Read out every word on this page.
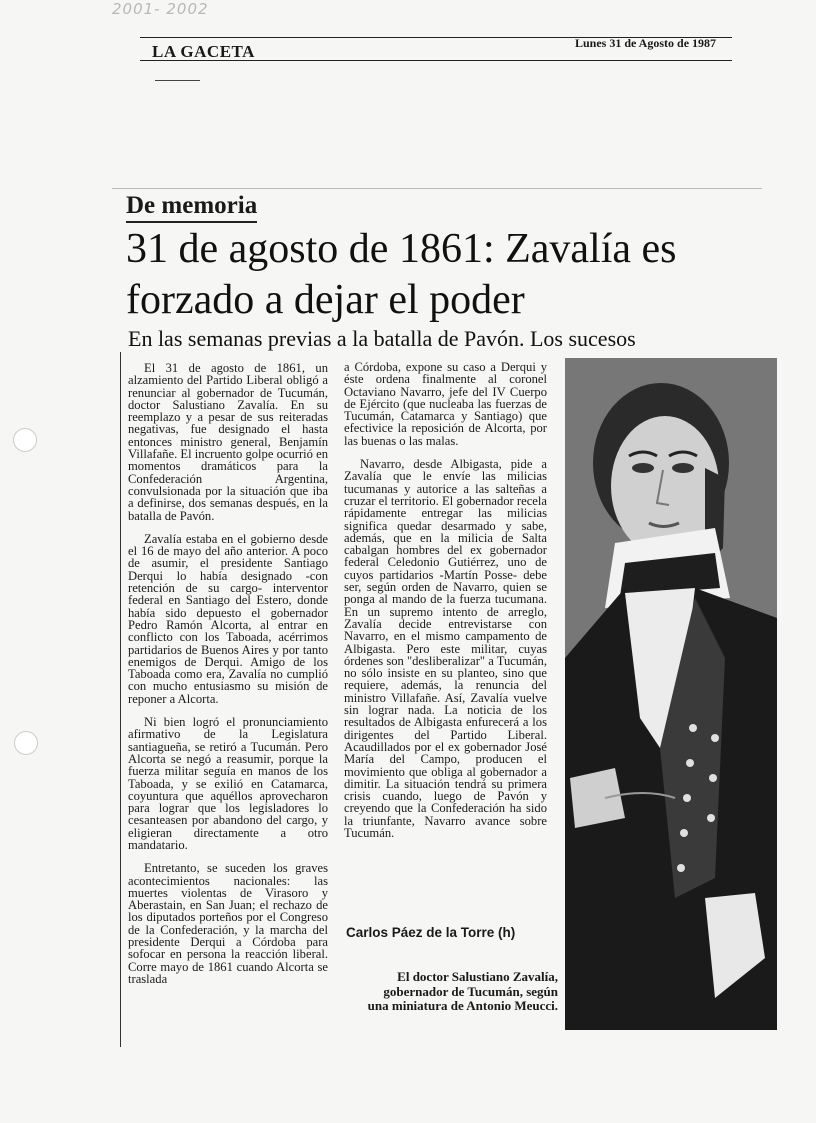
2001- 2002
LA GACETA	Lunes 31 de Agosto de 1987
De memoria
31 de agosto de 1861: Zavalía es forzado a dejar el poder
En las semanas previas a la batalla de Pavón. Los sucesos

El 31 de agosto de 1861, un alzamiento del Partido Liberal obligó a renunciar al gobernador de Tucumán, doctor Salustiano Zavalía. En su reemplazo y a pesar de sus reiteradas negativas, fue designado el hasta entonces ministro general, Benjamín Villafañe. El incruento golpe ocurrió en momentos dramáticos para la Confederación Argentina, convulsionada por la situación que iba a definirse, dos semanas después, en la batalla de Pavón.

Zavalía estaba en el gobierno desde el 16 de mayo del año anterior. A poco de asumir, el presidente Santiago Derqui lo había designado -con retención de su cargo- interventor federal en Santiago del Estero, donde había sido depuesto el gobernador Pedro Ramón Alcorta, al entrar en conflicto con los Taboada, acérrimos partidarios de Buenos Aires y por tanto enemigos de Derqui. Amigo de los Taboada como era, Zavalía no cumplió con mucho entusiasmo su misión de reponer a Alcorta.

Ni bien logró el pronunciamiento afirmativo de la Legislatura santiagueña, se retiró a Tucumán. Pero Alcorta se negó a reasumir, porque la fuerza militar seguía en manos de los Taboada, y se exilió en Catamarca, coyuntura que aquéllos aprovecharon para lograr que los legisladores lo cesanteasen por abandono del cargo, y eligieran directamente a otro mandatario.

Entretanto, se suceden los graves acontecimientos nacionales: las muertes violentas de Virasoro y Aberastain, en San Juan; el rechazo de los diputados porteños por el Congreso de la Confederación, y la marcha del presidente Derqui a Córdoba para sofocar en persona la reacción liberal. Corre mayo de 1861 cuando Alcorta se traslada

a Córdoba, expone su caso a Derqui y éste ordena finalmente al coronel Octaviano Navarro, jefe del IV Cuerpo de Ejército (que nucleaba las fuerzas de Tucumán, Catamarca y Santiago) que efectivice la reposición de Alcorta, por las buenas o las malas.

Navarro, desde Albigasta, pide a Zavalía que le envíe las milicias tucumanas y autorice a las salteñas a cruzar el territorio. El gobernador recela rápidamente entregar las milicias significa quedar desarmado y sabe, además, que en la milicia de Salta cabalgan hombres del ex gobernador federal Celedonio Gutiérrez, uno de cuyos partidarios -Martín Posse- debe ser, según orden de Navarro, quien se ponga al mando de la fuerza tucumana. En un supremo intento de arreglo, Zavalía decide entrevistarse con Navarro, en el mismo campamento de Albigasta. Pero este militar, cuyas órdenes son "desliberalizar" a Tucumán, no sólo insiste en su planteo, sino que requiere, además, la renuncia del ministro Villafañe. Así, Zavalía vuelve sin lograr nada. La noticia de los resultados de Albigasta enfurecerá a los dirigentes del Partido Liberal. Acaudillados por el ex gobernador José María del Campo, producen el movimiento que obliga al gobernador a dimitir. La situación tendrá su primera crisis cuando, luego de Pavón y creyendo que la Confederación ha sido la triunfante, Navarro avance sobre Tucumán.

Carlos Páez de la Torre (h)
El doctor Salustiano Zavalía, gobernador de Tucumán, según una miniatura de Antonio Meucci.
